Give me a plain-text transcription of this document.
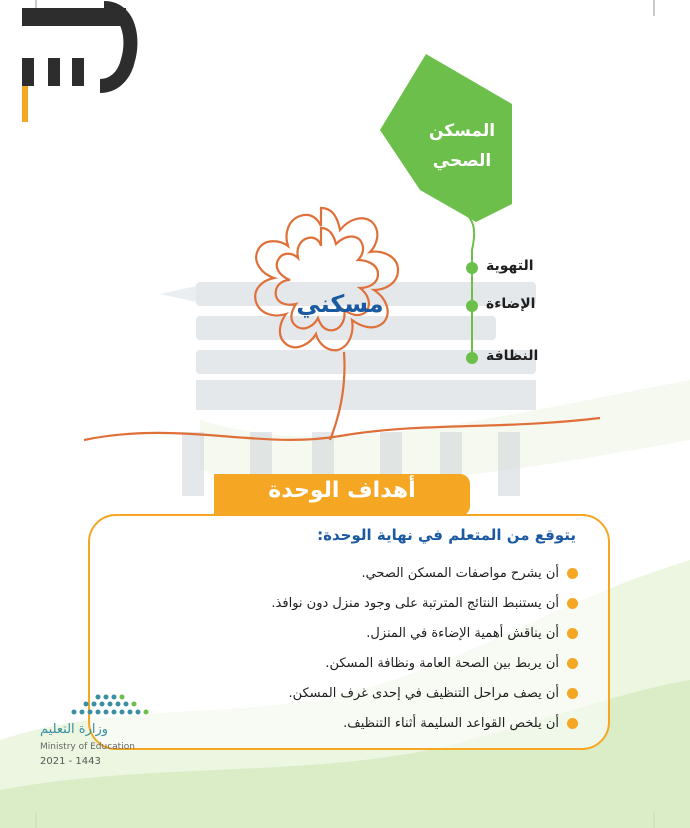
المسكن
الصحي
مسكني
التهوية
الإضاءة
النظافة
يتوقع من المتعلم في نهاية الوحدة:
أن يشرح مواصفات المسكن الصحي.
أن يستنبط النتائج المترتبة على وجود منزل دون نوافذ.
أن يناقش أهمية الإضاءة في المنزل.
أن يربط بين الصحة العامة ونظافة المسكن.
أن يصف مراحل التنظيف في إحدى غرف المسكن.
أن يلخص القواعد السليمة أثناء التنظيف.
أهداف الوحدة
وزارة التعليم
Ministry of Education
2021 - 1443
